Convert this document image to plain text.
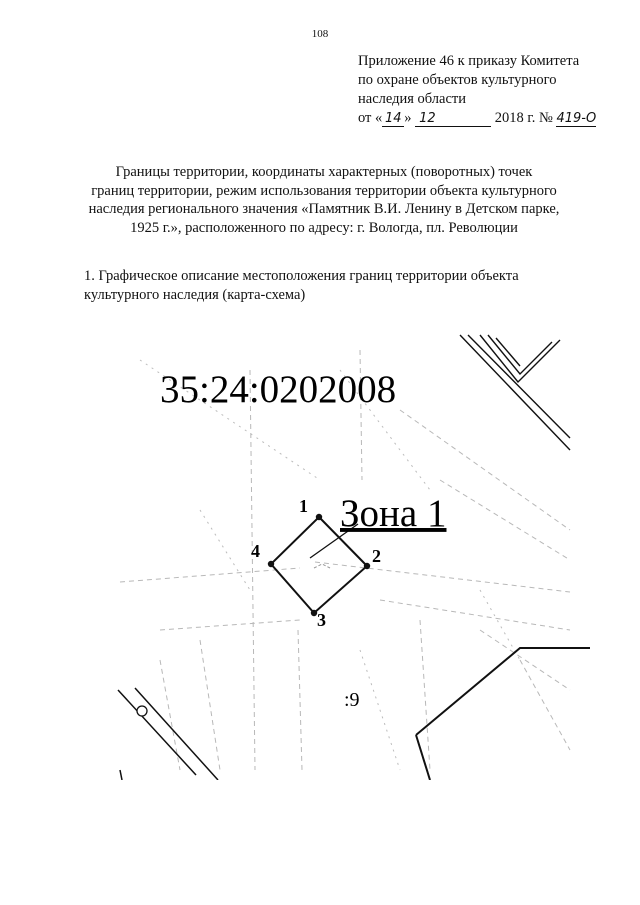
108
Приложение 46 к приказу Комитета
по охране объектов культурного
наследия области
от « 14 » 12	2018 г. № 419-О
Границы территории, координаты характерных (поворотных) точек
границ территории, режим использования территории объекта культурного
наследия регионального значения «Памятник В.И. Ленину в Детском парке,
1925 г.», расположенного по адресу: г. Вологда, пл. Революции
1. Графическое описание местоположения границ территории объекта
культурного наследия (карта-схема)
1
2
3
4
35:24:0202008
Зона 1
:9
